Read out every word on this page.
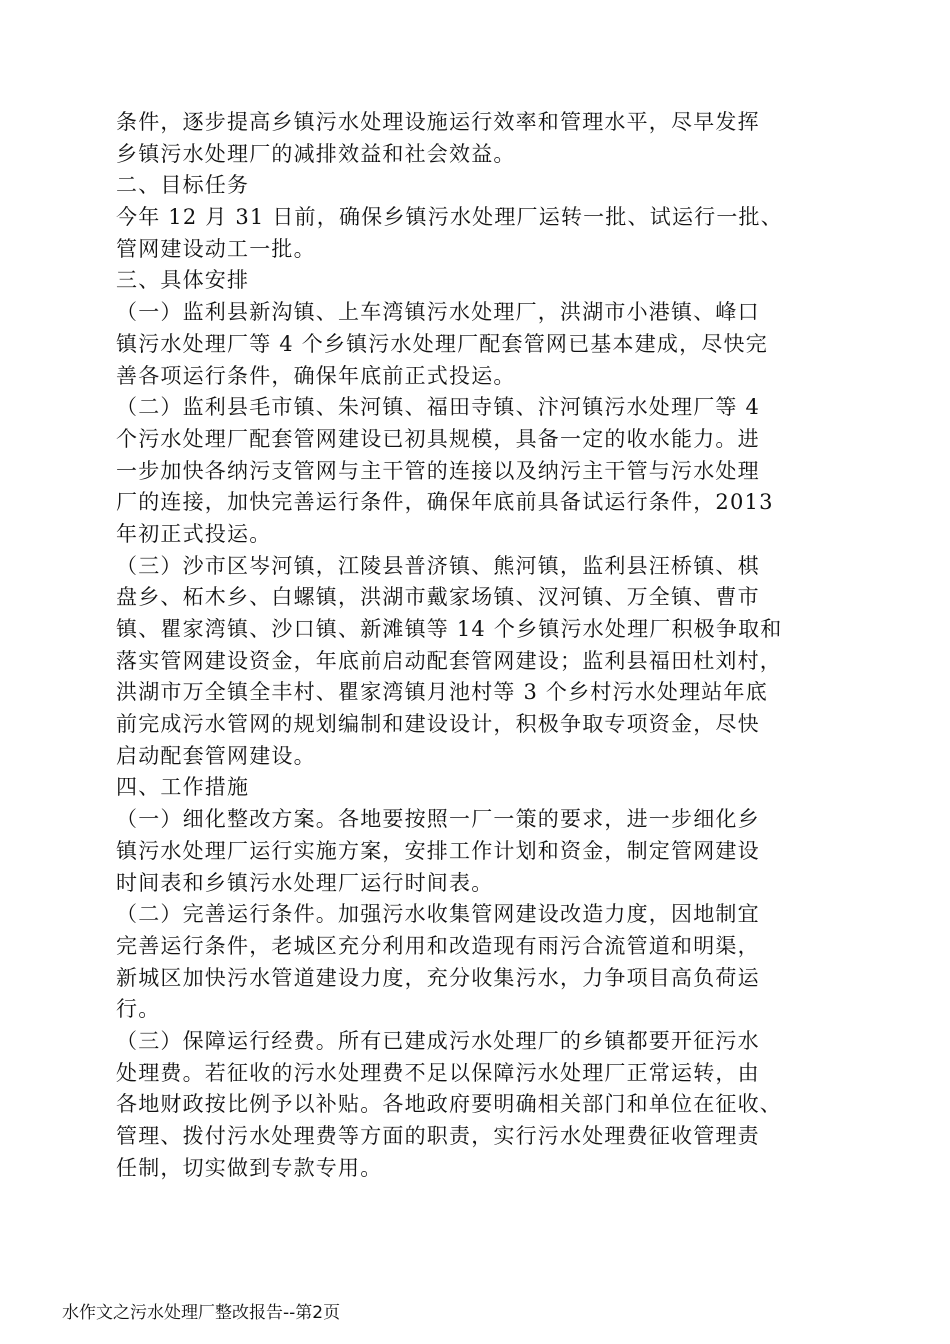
条件，逐步提高乡镇污水处理设施运行效率和管理水平，尽早发挥
乡镇污水处理厂的减排效益和社会效益。
二、目标任务
今年 12 月 31 日前，确保乡镇污水处理厂运转一批、试运行一批、
管网建设动工一批。
三、具体安排
（一）监利县新沟镇、上车湾镇污水处理厂，洪湖市小港镇、峰口
镇污水处理厂等 4 个乡镇污水处理厂配套管网已基本建成，尽快完
善各项运行条件，确保年底前正式投运。
（二）监利县毛市镇、朱河镇、福田寺镇、汴河镇污水处理厂等 4
个污水处理厂配套管网建设已初具规模，具备一定的收水能力。进
一步加快各纳污支管网与主干管的连接以及纳污主干管与污水处理
厂的连接，加快完善运行条件，确保年底前具备试运行条件，2013
年初正式投运。
（三）沙市区岑河镇，江陵县普济镇、熊河镇，监利县汪桥镇、棋
盘乡、柘木乡、白螺镇，洪湖市戴家场镇、汊河镇、万全镇、曹市
镇、瞿家湾镇、沙口镇、新滩镇等 14 个乡镇污水处理厂积极争取和
落实管网建设资金，年底前启动配套管网建设；监利县福田杜刘村，
洪湖市万全镇全丰村、瞿家湾镇月池村等 3 个乡村污水处理站年底
前完成污水管网的规划编制和建设设计，积极争取专项资金，尽快
启动配套管网建设。
四、工作措施
（一）细化整改方案。各地要按照一厂一策的要求，进一步细化乡
镇污水处理厂运行实施方案，安排工作计划和资金，制定管网建设
时间表和乡镇污水处理厂运行时间表。
（二）完善运行条件。加强污水收集管网建设改造力度，因地制宜
完善运行条件，老城区充分利用和改造现有雨污合流管道和明渠，
新城区加快污水管道建设力度，充分收集污水，力争项目高负荷运
行。
（三）保障运行经费。所有已建成污水处理厂的乡镇都要开征污水
处理费。若征收的污水处理费不足以保障污水处理厂正常运转，由
各地财政按比例予以补贴。各地政府要明确相关部门和单位在征收、
管理、拨付污水处理费等方面的职责，实行污水处理费征收管理责
任制，切实做到专款专用。
水作文之污水处理厂整改报告--第2页
